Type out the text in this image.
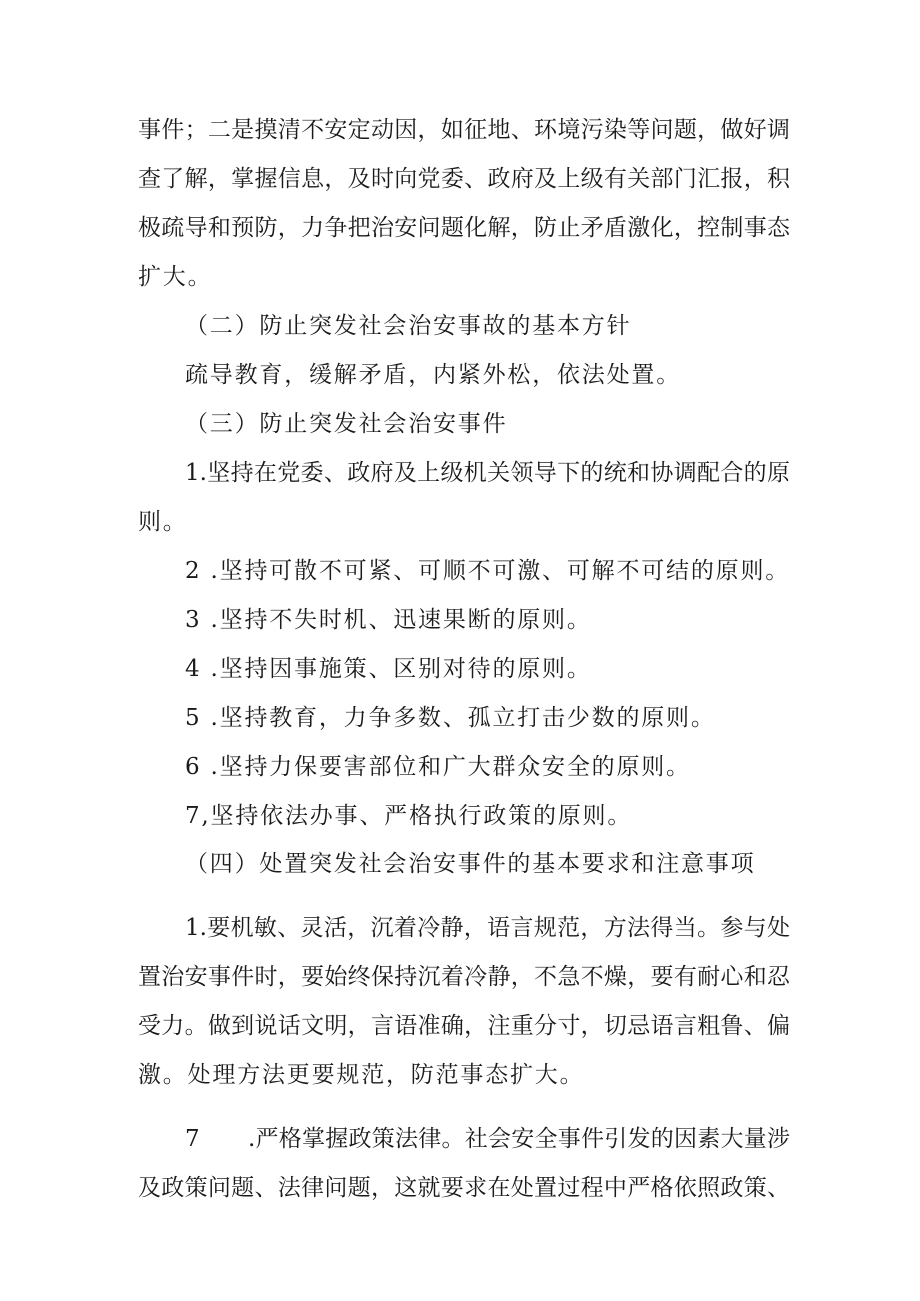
事件；二是摸清不安定动因，如征地、环境污染等问题，做好调
查了解，掌握信息，及时向党委、政府及上级有关部门汇报，积
极疏导和预防，力争把治安问题化解，防止矛盾激化，控制事态
扩大。
（二）防止突发社会治安事故的基本方针
疏导教育，缓解矛盾，内紧外松，依法处置。
（三）防止突发社会治安事件
1.坚持在党委、政府及上级机关领导下的统和协调配合的原
则。
2 .坚持可散不可紧、可顺不可激、可解不可结的原则。
3 .坚持不失时机、迅速果断的原则。
4 .坚持因事施策、区别对待的原则。
5 .坚持教育，力争多数、孤立打击少数的原则。
6 .坚持力保要害部位和广大群众安全的原则。
7,坚持依法办事、严格执行政策的原则。
（四）处置突发社会治安事件的基本要求和注意事项
1.要机敏、灵活，沉着冷静，语言规范，方法得当。参与处
置治安事件时，要始终保持沉着冷静，不急不燥，要有耐心和忍
受力。做到说话文明，言语准确，注重分寸，切忌语言粗鲁、偏
激。处理方法更要规范，防范事态扩大。
7 .严格掌握政策法律。社会安全事件引发的因素大量涉
及政策问题、法律问题，这就要求在处置过程中严格依照政策、
